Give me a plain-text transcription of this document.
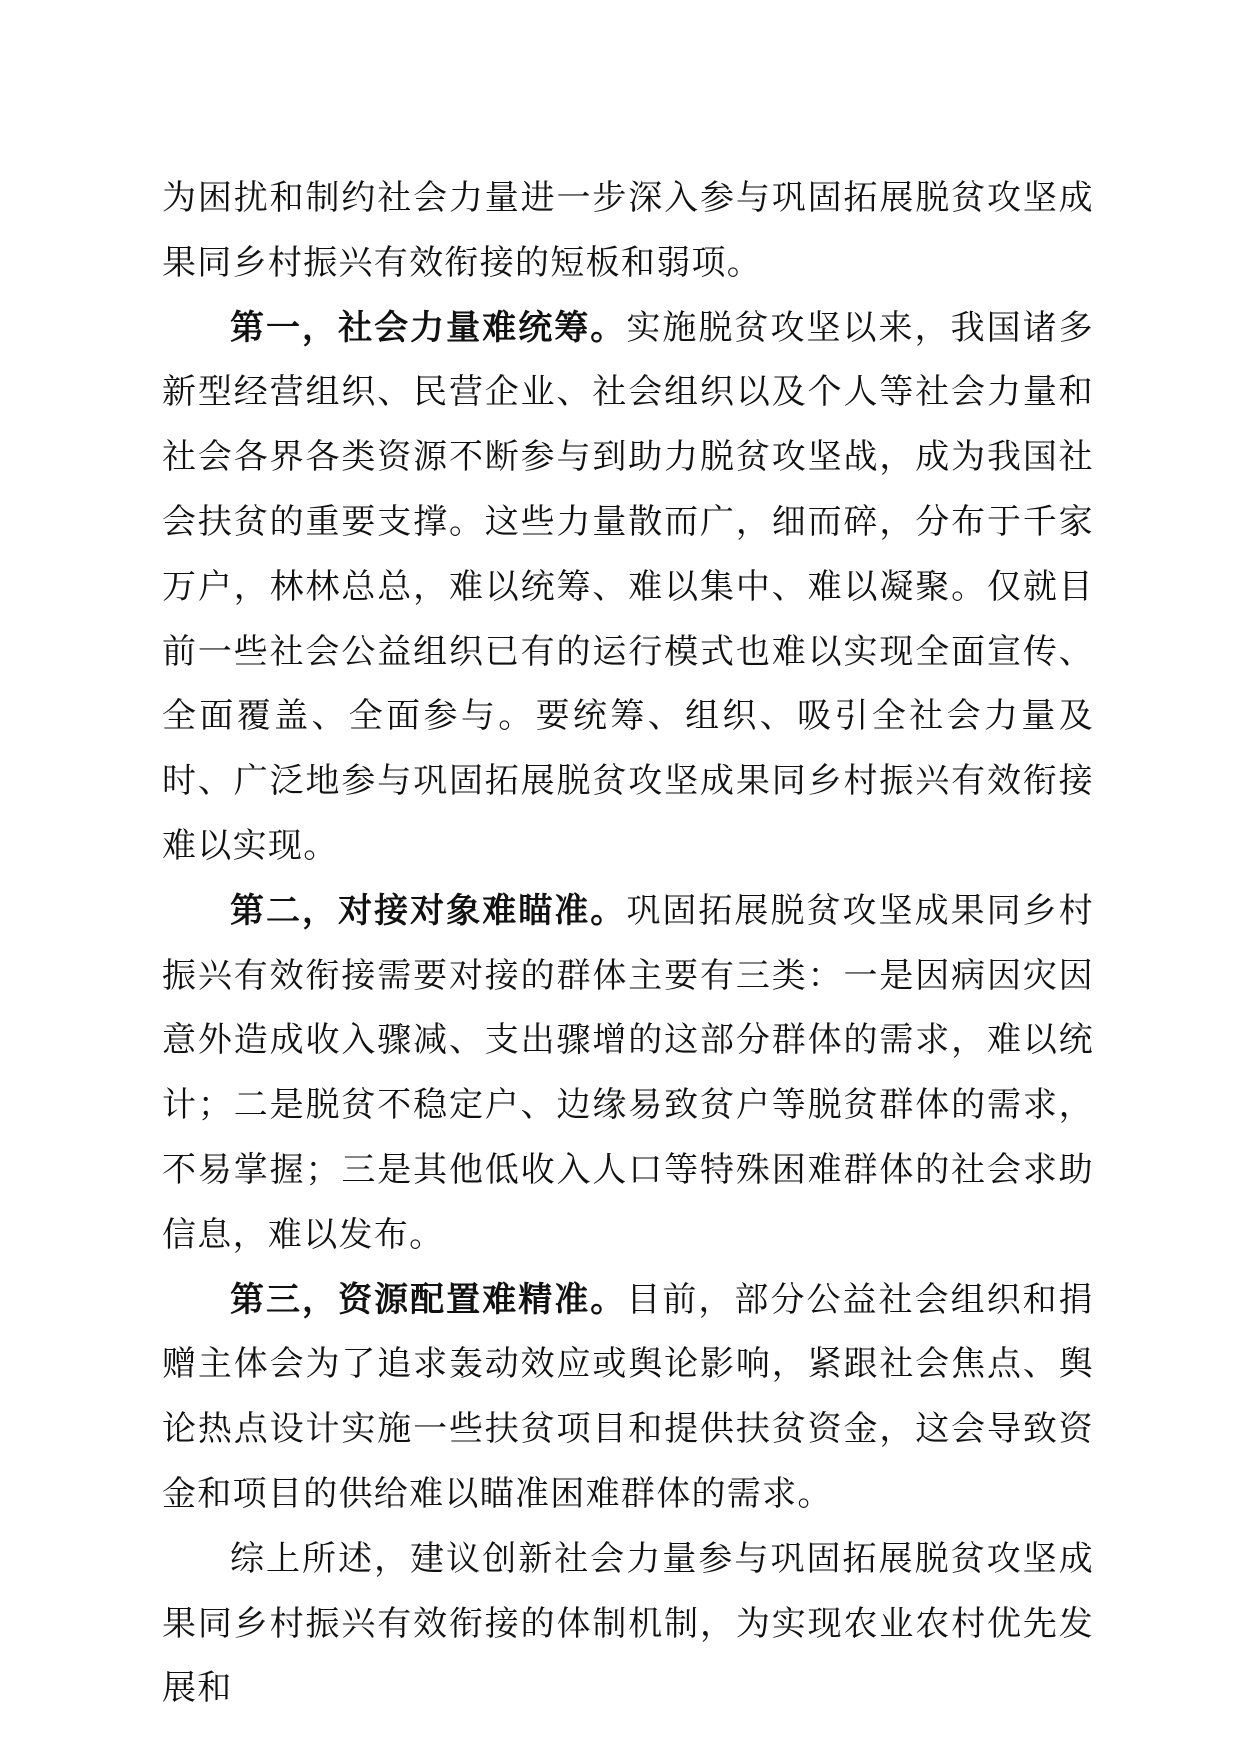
为困扰和制约社会力量进一步深入参与巩固拓展脱贫攻坚成果同乡村振兴有效衔接的短板和弱项。

第一，社会力量难统筹。实施脱贫攻坚以来，我国诸多新型经营组织、民营企业、社会组织以及个人等社会力量和社会各界各类资源不断参与到助力脱贫攻坚战，成为我国社会扶贫的重要支撑。这些力量散而广，细而碎，分布于千家万户，林林总总，难以统筹、难以集中、难以凝聚。仅就目前一些社会公益组织已有的运行模式也难以实现全面宣传、全面覆盖、全面参与。要统筹、组织、吸引全社会力量及时、广泛地参与巩固拓展脱贫攻坚成果同乡村振兴有效衔接难以实现。

第二，对接对象难瞄准。巩固拓展脱贫攻坚成果同乡村振兴有效衔接需要对接的群体主要有三类：一是因病因灾因意外造成收入骤减、支出骤增的这部分群体的需求，难以统计；二是脱贫不稳定户、边缘易致贫户等脱贫群体的需求，不易掌握；三是其他低收入人口等特殊困难群体的社会求助信息，难以发布。

第三，资源配置难精准。目前，部分公益社会组织和捐赠主体会为了追求轰动效应或舆论影响，紧跟社会焦点、舆论热点设计实施一些扶贫项目和提供扶贫资金，这会导致资金和项目的供给难以瞄准困难群体的需求。

综上所述，建议创新社会力量参与巩固拓展脱贫攻坚成果同乡村振兴有效衔接的体制机制，为实现农业农村优先发展和
